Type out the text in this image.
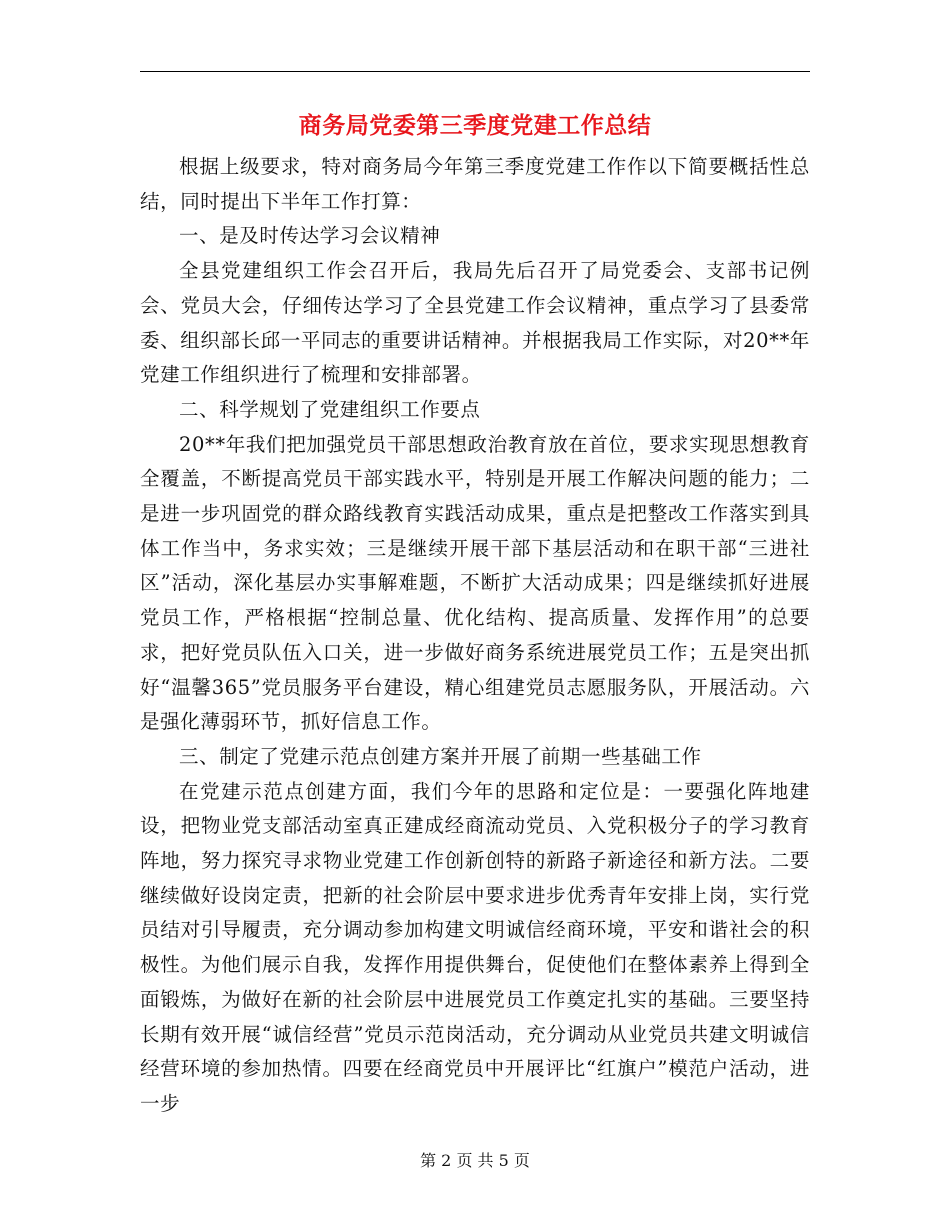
商务局党委第三季度党建工作总结

根据上级要求，特对商务局今年第三季度党建工作作以下简要概括性总结，同时提出下半年工作打算：

一、是及时传达学习会议精神

全县党建组织工作会召开后，我局先后召开了局党委会、支部书记例会、党员大会，仔细传达学习了全县党建工作会议精神，重点学习了县委常委、组织部长邱一平同志的重要讲话精神。并根据我局工作实际，对20**年党建工作组织进行了梳理和安排部署。

二、科学规划了党建组织工作要点

20**年我们把加强党员干部思想政治教育放在首位，要求实现思想教育全覆盖，不断提高党员干部实践水平，特别是开展工作解决问题的能力；二是进一步巩固党的群众路线教育实践活动成果，重点是把整改工作落实到具体工作当中，务求实效；三是继续开展干部下基层活动和在职干部“三进社区”活动，深化基层办实事解难题，不断扩大活动成果；四是继续抓好进展党员工作，严格根据“控制总量、优化结构、提高质量、发挥作用”的总要求，把好党员队伍入口关，进一步做好商务系统进展党员工作；五是突出抓好“温馨365”党员服务平台建设，精心组建党员志愿服务队，开展活动。六是强化薄弱环节，抓好信息工作。

三、制定了党建示范点创建方案并开展了前期一些基础工作

在党建示范点创建方面，我们今年的思路和定位是：一要强化阵地建设，把物业党支部活动室真正建成经商流动党员、入党积极分子的学习教育阵地，努力探究寻求物业党建工作创新创特的新路子新途径和新方法。二要继续做好设岗定责，把新的社会阶层中要求进步优秀青年安排上岗，实行党员结对引导履责，充分调动参加构建文明诚信经商环境，平安和谐社会的积极性。为他们展示自我，发挥作用提供舞台，促使他们在整体素养上得到全面锻炼，为做好在新的社会阶层中进展党员工作奠定扎实的基础。三要坚持长期有效开展“诚信经营”党员示范岗活动，充分调动从业党员共建文明诚信经营环境的参加热情。四要在经商党员中开展评比“红旗户”模范户活动，进一步

第 2 页 共 5 页
